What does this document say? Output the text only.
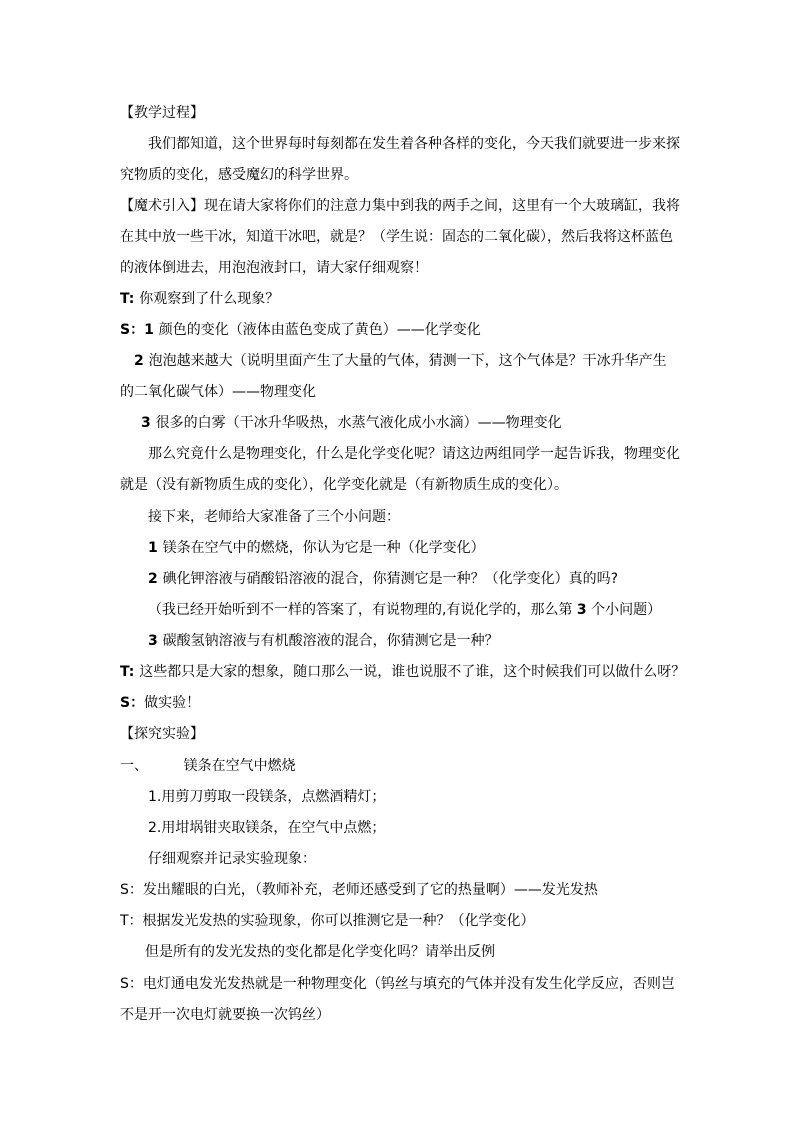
【教学过程】
我们都知道，这个世界每时每刻都在发生着各种各样的变化，今天我们就要进一步来探
究物质的变化，感受魔幻的科学世界。
【魔术引入】现在请大家将你们的注意力集中到我的两手之间，这里有一个大玻璃缸，我将
在其中放一些干冰，知道干冰吧，就是？（学生说：固态的二氧化碳），然后我将这杯蓝色
的液体倒进去，用泡泡液封口，请大家仔细观察！
T: 你观察到了什么现象？
S：1 颜色的变化（液体由蓝色变成了黄色）——化学变化
2 泡泡越来越大（说明里面产生了大量的气体，猜测一下，这个气体是？干冰升华产生
的二氧化碳气体）——物理变化
3 很多的白雾（干冰升华吸热，水蒸气液化成小水滴）——物理变化
那么究竟什么是物理变化，什么是化学变化呢？请这边两组同学一起告诉我，物理变化
就是（没有新物质生成的变化），化学变化就是（有新物质生成的变化）。
接下来，老师给大家准备了三个小问题：
1 镁条在空气中的燃烧，你认为它是一种（化学变化）
2 碘化钾溶液与硝酸铅溶液的混合，你猜测它是一种？（化学变化）真的吗?
（我已经开始听到不一样的答案了，有说物理的,有说化学的，那么第 3 个小问题）
3 碳酸氢钠溶液与有机酸溶液的混合，你猜测它是一种？
T: 这些都只是大家的想象，随口那么一说，谁也说服不了谁，这个时候我们可以做什么呀？
S：做实验！
【探究实验】
一、        镁条在空气中燃烧
1.用剪刀剪取一段镁条，点燃酒精灯；
2.用坩埚钳夹取镁条，在空气中点燃；
仔细观察并记录实验现象：
S：发出耀眼的白光，（教师补充，老师还感受到了它的热量啊）——发光发热
T：根据发光发热的实验现象，你可以推测它是一种？（化学变化）
但是所有的发光发热的变化都是化学变化吗？请举出反例
S：电灯通电发光发热就是一种物理变化（钨丝与填充的气体并没有发生化学反应，否则岂
不是开一次电灯就要换一次钨丝）
